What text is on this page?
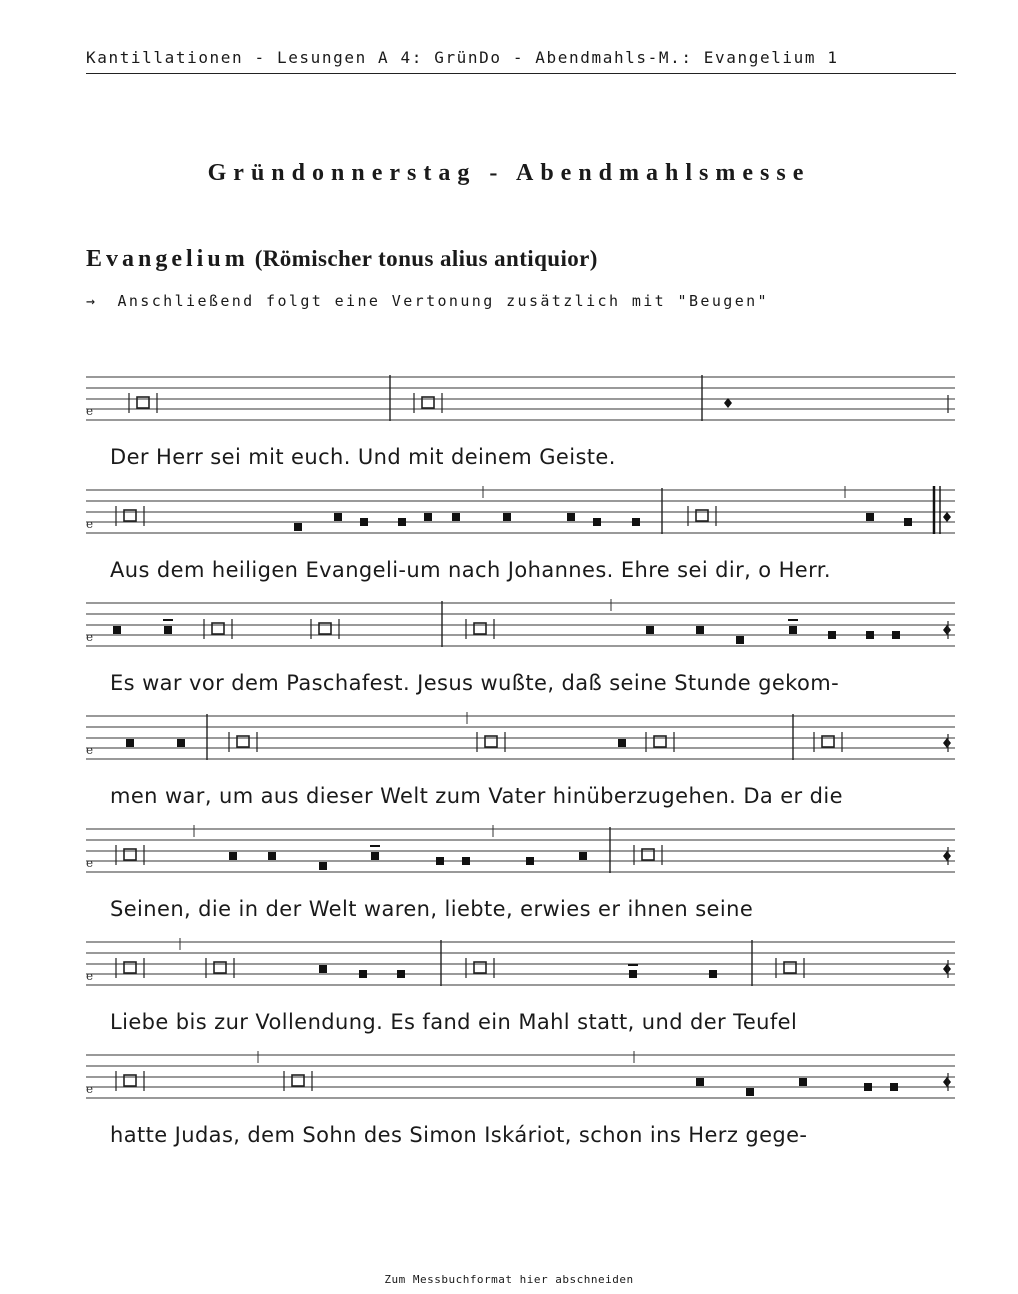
Kantillationen - Lesungen A 4: GrünDo - Abendmahls-M.: Evangelium 1
Gründonnerstag - Abendmahlsmesse
Evangelium (Römischer tonus alius antiquior)
→ Anschließend folgt eine Vertonung zusätzlich mit "Beugen"
e
Der Herr sei mit euch. Und mit deinem Geiste.
e
Aus dem heiligen Evangeli-um nach Johannes. Ehre sei dir, o Herr.
e
Es war vor dem Paschafest. Jesus wußte, daß seine Stunde gekom-
e
men war, um aus dieser Welt zum Vater hinüberzugehen. Da er die
e
Seinen, die in der Welt waren, liebte, erwies er ihnen seine
e
Liebe bis zur Vollendung. Es fand ein Mahl statt, und der Teufel
e
hatte Judas, dem Sohn des Simon Iskáriot, schon ins Herz gege-
Zum Messbuchformat hier abschneiden
